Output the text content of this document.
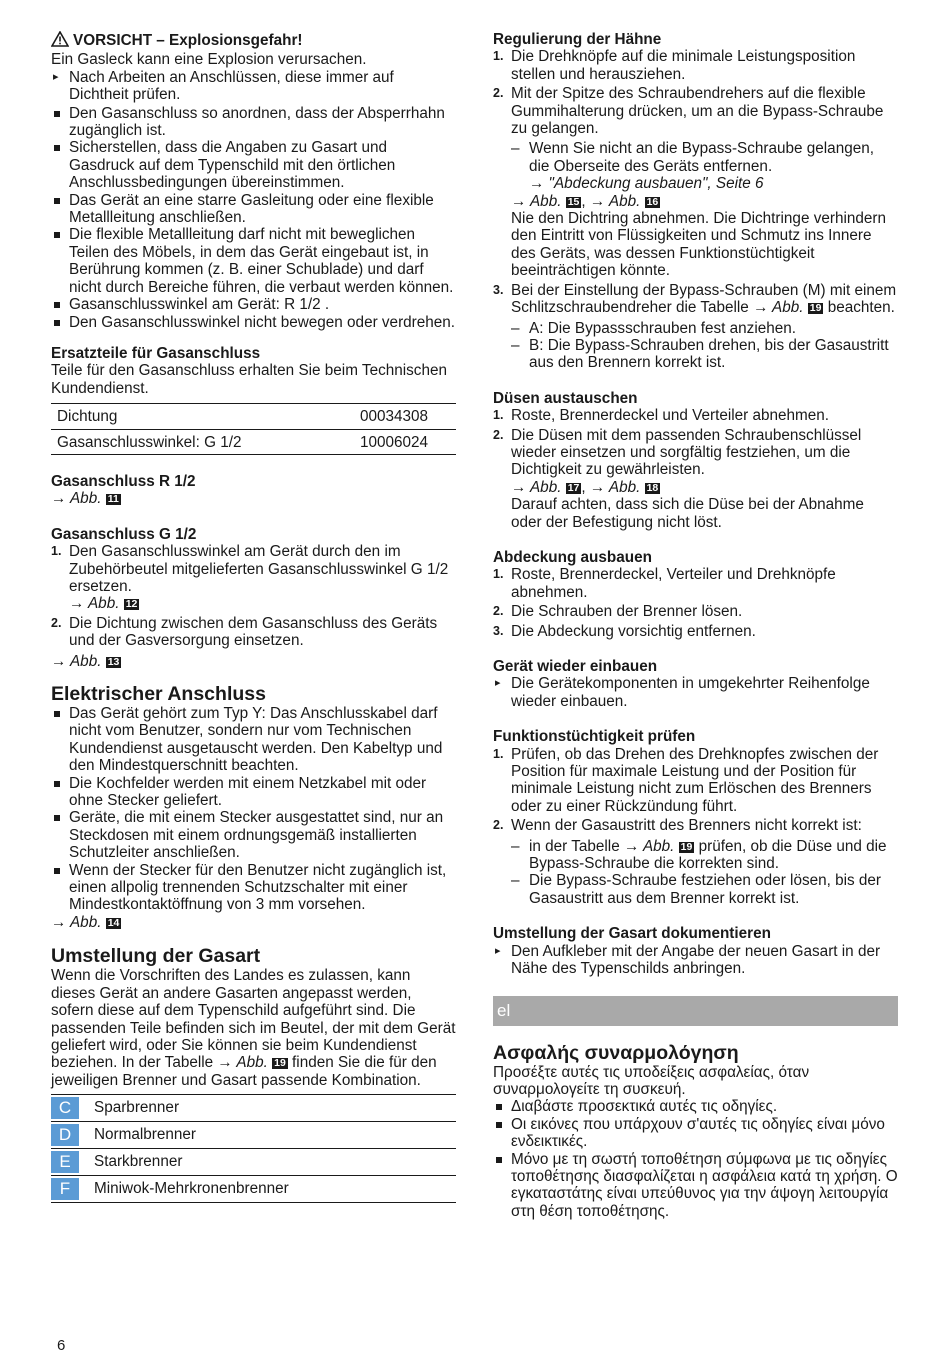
VORSICHT – Explosionsgefahr!

Ein Gasleck kann eine Explosion verursachen.

▸ Nach Arbeiten an Anschlüssen, diese immer auf Dichtheit prüfen.
Den Gasanschluss so anordnen, dass der Absperrhahn zugänglich ist.
Sicherstellen, dass die Angaben zu Gasart und Gasdruck auf dem Typenschild mit den örtlichen Anschlussbedingungen übereinstimmen.
Das Gerät an eine starre Gasleitung oder eine flexible Metallleitung anschließen.
Die flexible Metallleitung darf nicht mit beweglichen Teilen des Möbels, in dem das Gerät eingebaut ist, in Berührung kommen (z. B. einer Schublade) und darf nicht durch Bereiche führen, die verbaut werden können.
Gasanschlusswinkel am Gerät: R 1/2 .
Den Gasanschlusswinkel nicht bewegen oder verdrehen.

Ersatzteile für Gasanschluss

Teile für den Gasanschluss erhalten Sie beim Technischen Kundendienst.

Dichtung	00034308
Gasanschlusswinkel: G 1/2	10006024

Gasanschluss R 1/2

→ Abb. 11

Gasanschluss G 1/2

1. Den Gasanschlusswinkel am Gerät durch den im Zubehörbeutel mitgelieferten Gasanschlusswinkel G 1/2 ersetzen.
→ Abb. 12
2. Die Dichtung zwischen dem Gasanschluss des Geräts und der Gasversorgung einsetzen.

→ Abb. 13

Elektrischer Anschluss

Das Gerät gehört zum Typ Y: Das Anschlusskabel darf nicht vom Benutzer, sondern nur vom Technischen Kundendienst ausgetauscht werden. Den Kabeltyp und den Mindestquerschnitt beachten.
Die Kochfelder werden mit einem Netzkabel mit oder ohne Stecker geliefert.
Geräte, die mit einem Stecker ausgestattet sind, nur an Steckdosen mit einem ordnungsgemäß installierten Schutzleiter anschließen.
Wenn der Stecker für den Benutzer nicht zugänglich ist, einen allpolig trennenden Schutzschalter mit einer Mindestkontaktöffnung von 3 mm vorsehen.

→ Abb. 14

Umstellung der Gasart

Wenn die Vorschriften des Landes es zulassen, kann dieses Gerät an andere Gasarten angepasst werden, sofern diese auf dem Typenschild aufgeführt sind. Die passenden Teile befinden sich im Beutel, der mit dem Gerät geliefert wird, oder Sie können sie beim Kundendienst beziehen. In der Tabelle → Abb. 19 finden Sie die für den jeweiligen Brenner und Gasart passende Kombination.

C	Sparbrenner

D	Normalbrenner

E	Starkbrenner

F	Miniwok-Mehrkronenbrenner

Regulierung der Hähne

1. Die Drehknöpfe auf die minimale Leistungsposition stellen und herausziehen.
2. Mit der Spitze des Schraubendrehers auf die flexible Gummihalterung drücken, um an die Bypass-Schraube zu gelangen.
– Wenn Sie nicht an die Bypass-Schraube gelangen, die Oberseite des Geräts entfernen.
→ "Abdeckung ausbauen", Seite 6
→ Abb. 15 , → Abb. 16
Nie den Dichtring abnehmen. Die Dichtringe verhindern den Eintritt von Flüssigkeiten und Schmutz ins Innere des Geräts, was dessen Funktionstüchtigkeit beeinträchtigen könnte.
3. Bei der Einstellung der Bypass-Schrauben (M) mit einem Schlitzschraubendreher die Tabelle → Abb. 19 beachten.
– A: Die Bypassschrauben fest anziehen.
– B: Die Bypass-Schrauben drehen, bis der Gasaustritt aus den Brennern korrekt ist.

Düsen austauschen

1. Roste, Brennerdeckel und Verteiler abnehmen.
2. Die Düsen mit dem passenden Schraubenschlüssel wieder einsetzen und sorgfältig festziehen, um die Dichtigkeit zu gewährleisten.
→ Abb. 17 , → Abb. 18
Darauf achten, dass sich die Düse bei der Abnahme oder der Befestigung nicht löst.

Abdeckung ausbauen

1. Roste, Brennerdeckel, Verteiler und Drehknöpfe abnehmen.
2. Die Schrauben der Brenner lösen.
3. Die Abdeckung vorsichtig entfernen.

Gerät wieder einbauen

▸ Die Gerätekomponenten in umgekehrter Reihenfolge wieder einbauen.

Funktionstüchtigkeit prüfen

1. Prüfen, ob das Drehen des Drehknopfes zwischen der Position für maximale Leistung und der Position für minimale Leistung nicht zum Erlöschen des Brenners oder zu einer Rückzündung führt.
2. Wenn der Gasaustritt des Brenners nicht korrekt ist:
– in der Tabelle → Abb. 19 prüfen, ob die Düse und die Bypass-Schraube die korrekten sind.
– Die Bypass-Schraube festziehen oder lösen, bis der Gasaustritt aus dem Brenner korrekt ist.

Umstellung der Gasart dokumentieren

▸ Den Aufkleber mit der Angabe der neuen Gasart in der Nähe des Typenschilds anbringen.
el

Ασφαλής συναρμολόγηση

Προσέξτε αυτές τις υποδείξεις ασφαλείας, όταν συναρμολογείτε τη συσκευή.

Διαβάστε προσεκτικά αυτές τις οδηγίες.
Οι εικόνες που υπάρχουν σ'αυτές τις οδηγίες είναι μόνο ενδεικτικές.
Μόνο με τη σωστή τοποθέτηση σύμφωνα με τις οδηγίες τοποθέτησης διασφαλίζεται η ασφάλεια κατά τη χρήση. Ο εγκαταστάτης είναι υπεύθυνος για την άψογη λειτουργία στη θέση τοποθέτησης.
6
